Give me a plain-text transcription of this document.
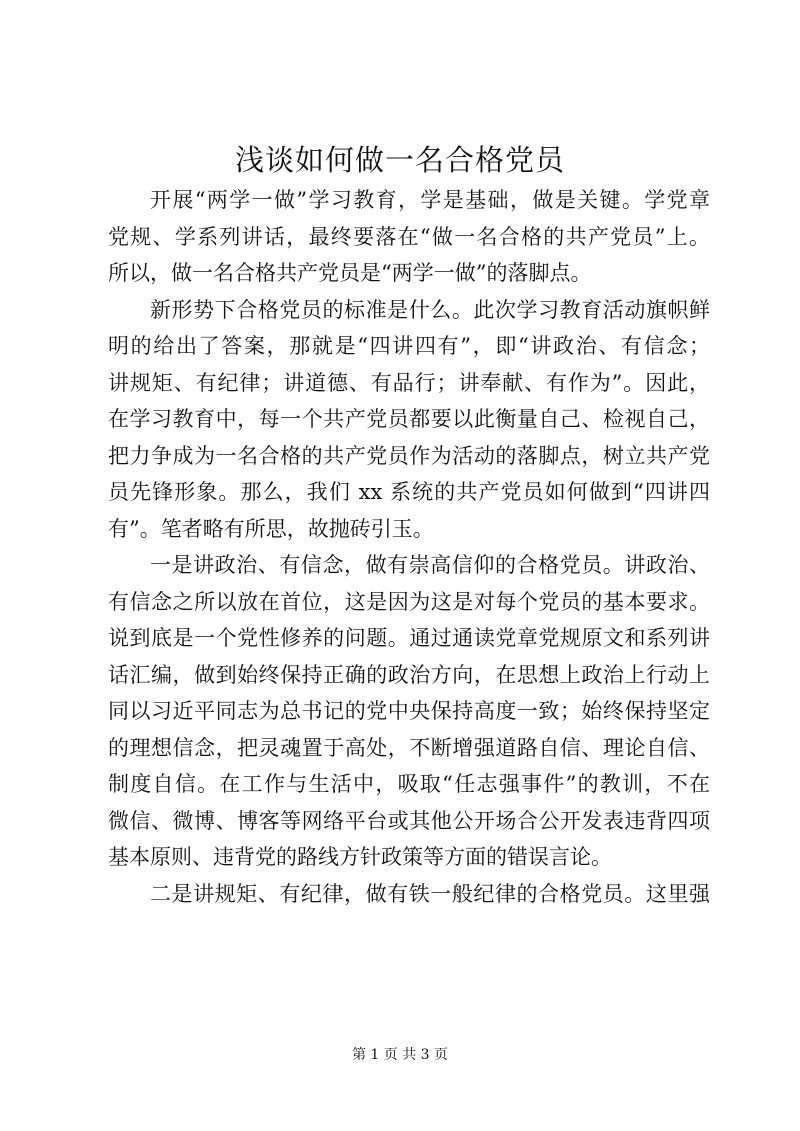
浅谈如何做一名合格党员
开展“两学一做”学习教育，学是基础，做是关键。学党章
党规、学系列讲话，最终要落在“做一名合格的共产党员”上。
所以，做一名合格共产党员是“两学一做”的落脚点。
新形势下合格党员的标准是什么。此次学习教育活动旗帜鲜
明的给出了答案，那就是“四讲四有”，即“讲政治、有信念；
讲规矩、有纪律；讲道德、有品行；讲奉献、有作为”。因此，
在学习教育中，每一个共产党员都要以此衡量自己、检视自己，
把力争成为一名合格的共产党员作为活动的落脚点，树立共产党
员先锋形象。那么，我们 xx 系统的共产党员如何做到“四讲四
有”。笔者略有所思，故抛砖引玉。
一是讲政治、有信念，做有崇高信仰的合格党员。讲政治、
有信念之所以放在首位，这是因为这是对每个党员的基本要求。
说到底是一个党性修养的问题。通过通读党章党规原文和系列讲
话汇编，做到始终保持正确的政治方向，在思想上政治上行动上
同以习近平同志为总书记的党中央保持高度一致；始终保持坚定
的理想信念，把灵魂置于高处，不断增强道路自信、理论自信、
制度自信。在工作与生活中，吸取“任志强事件”的教训，不在
微信、微博、博客等网络平台或其他公开场合公开发表违背四项
基本原则、违背党的路线方针政策等方面的错误言论。
二是讲规矩、有纪律，做有铁一般纪律的合格党员。这里强
第 1 页 共 3 页
